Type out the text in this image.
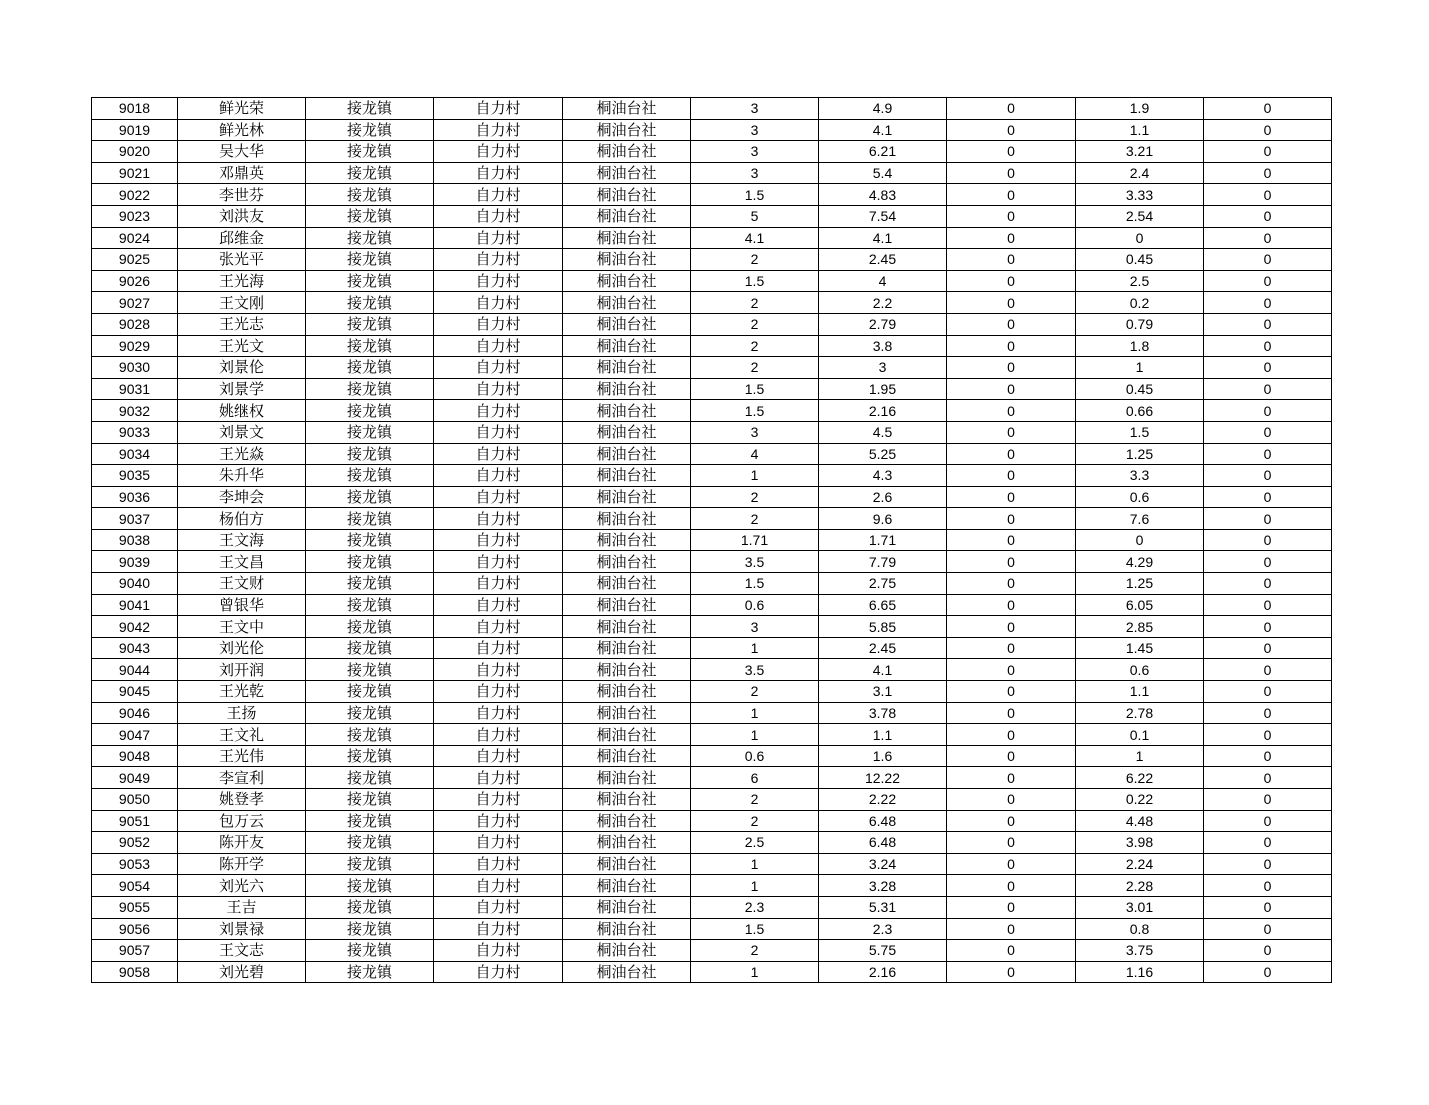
9018	鲜光荣	接龙镇	自力村	桐油台社	3	4.9	0	1.9	0
9019	鲜光林	接龙镇	自力村	桐油台社	3	4.1	0	1.1	0
9020	吴大华	接龙镇	自力村	桐油台社	3	6.21	0	3.21	0
9021	邓鼎英	接龙镇	自力村	桐油台社	3	5.4	0	2.4	0
9022	李世芬	接龙镇	自力村	桐油台社	1.5	4.83	0	3.33	0
9023	刘洪友	接龙镇	自力村	桐油台社	5	7.54	0	2.54	0
9024	邱维金	接龙镇	自力村	桐油台社	4.1	4.1	0	0	0
9025	张光平	接龙镇	自力村	桐油台社	2	2.45	0	0.45	0
9026	王光海	接龙镇	自力村	桐油台社	1.5	4	0	2.5	0
9027	王文刚	接龙镇	自力村	桐油台社	2	2.2	0	0.2	0
9028	王光志	接龙镇	自力村	桐油台社	2	2.79	0	0.79	0
9029	王光文	接龙镇	自力村	桐油台社	2	3.8	0	1.8	0
9030	刘景伦	接龙镇	自力村	桐油台社	2	3	0	1	0
9031	刘景学	接龙镇	自力村	桐油台社	1.5	1.95	0	0.45	0
9032	姚继权	接龙镇	自力村	桐油台社	1.5	2.16	0	0.66	0
9033	刘景文	接龙镇	自力村	桐油台社	3	4.5	0	1.5	0
9034	王光焱	接龙镇	自力村	桐油台社	4	5.25	0	1.25	0
9035	朱升华	接龙镇	自力村	桐油台社	1	4.3	0	3.3	0
9036	李坤会	接龙镇	自力村	桐油台社	2	2.6	0	0.6	0
9037	杨伯方	接龙镇	自力村	桐油台社	2	9.6	0	7.6	0
9038	王文海	接龙镇	自力村	桐油台社	1.71	1.71	0	0	0
9039	王文昌	接龙镇	自力村	桐油台社	3.5	7.79	0	4.29	0
9040	王文财	接龙镇	自力村	桐油台社	1.5	2.75	0	1.25	0
9041	曾银华	接龙镇	自力村	桐油台社	0.6	6.65	0	6.05	0
9042	王文中	接龙镇	自力村	桐油台社	3	5.85	0	2.85	0
9043	刘光伦	接龙镇	自力村	桐油台社	1	2.45	0	1.45	0
9044	刘开润	接龙镇	自力村	桐油台社	3.5	4.1	0	0.6	0
9045	王光乾	接龙镇	自力村	桐油台社	2	3.1	0	1.1	0
9046	王扬	接龙镇	自力村	桐油台社	1	3.78	0	2.78	0
9047	王文礼	接龙镇	自力村	桐油台社	1	1.1	0	0.1	0
9048	王光伟	接龙镇	自力村	桐油台社	0.6	1.6	0	1	0
9049	李宣利	接龙镇	自力村	桐油台社	6	12.22	0	6.22	0
9050	姚登孝	接龙镇	自力村	桐油台社	2	2.22	0	0.22	0
9051	包万云	接龙镇	自力村	桐油台社	2	6.48	0	4.48	0
9052	陈开友	接龙镇	自力村	桐油台社	2.5	6.48	0	3.98	0
9053	陈开学	接龙镇	自力村	桐油台社	1	3.24	0	2.24	0
9054	刘光六	接龙镇	自力村	桐油台社	1	3.28	0	2.28	0
9055	王吉	接龙镇	自力村	桐油台社	2.3	5.31	0	3.01	0
9056	刘景禄	接龙镇	自力村	桐油台社	1.5	2.3	0	0.8	0
9057	王文志	接龙镇	自力村	桐油台社	2	5.75	0	3.75	0
9058	刘光碧	接龙镇	自力村	桐油台社	1	2.16	0	1.16	0
